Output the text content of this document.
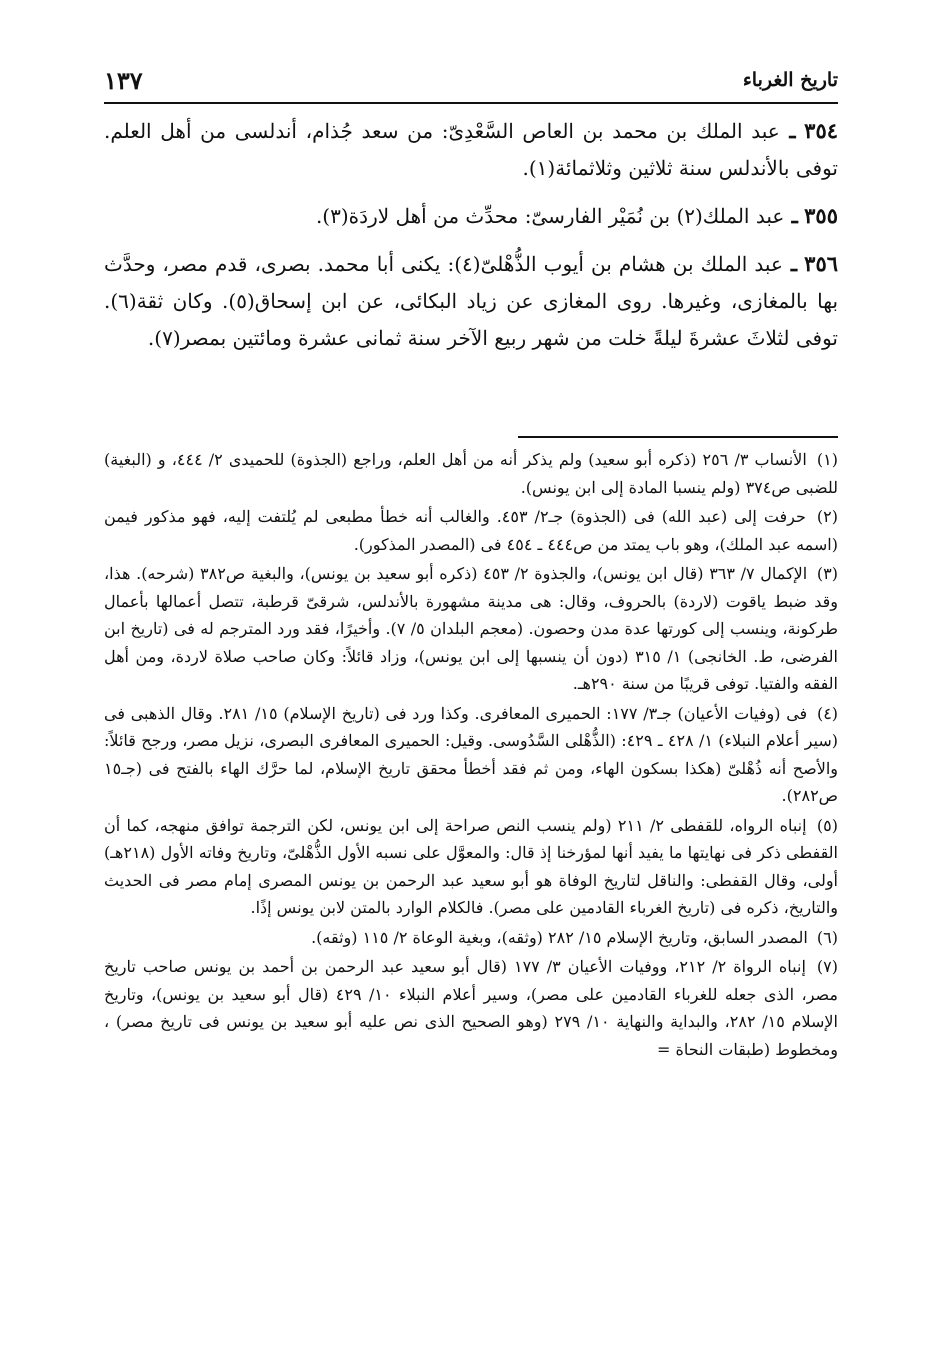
تاريخ الغرباء
١٣٧

٣٥٤ ـ عبد الملك بن محمد بن العاص السَّعْدِىّ: من سعد جُذام، أندلسى من أهل العلم. توفى بالأندلس سنة ثلاثين وثلاثمائة(١).

٣٥٥ ـ عبد الملك(٢) بن نُمَيْر الفارسىّ: محدِّث من أهل لاردَة(٣).

٣٥٦ ـ عبد الملك بن هشام بن أيوب الذُّهْلىّ(٤): يكنى أبا محمد. بصرى، قدم مصر، وحدَّث بها بالمغازى، وغيرها. روى المغازى عن زياد البكائى، عن ابن إسحاق(٥). وكان ثقة(٦). توفى لثلاثَ عشرةَ ليلةً خلت من شهر ربيع الآخر سنة ثمانى عشرة ومائتين بمصر(٧).

(١) الأنساب ٣/ ٢٥٦ (ذكره أبو سعيد) ولم يذكر أنه من أهل العلم، وراجع (الجذوة) للحميدى ٢/ ٤٤٤، و (البغية) للضبى ص٣٧٤ (ولم ينسبا المادة إلى ابن يونس).

(٢) حرفت إلى (عبد الله) فى (الجذوة) جـ٢/ ٤٥٣. والغالب أنه خطأ مطبعى لم يُلتفت إليه، فهو مذكور فيمن (اسمه عبد الملك)، وهو باب يمتد من ص٤٤٤ ـ ٤٥٤ فى (المصدر المذكور).

(٣) الإكمال ٧/ ٣٦٣ (قال ابن يونس)، والجذوة ٢/ ٤٥٣ (ذكره أبو سعيد بن يونس)، والبغية ص٣٨٢ (شرحه). هذا، وقد ضبط ياقوت (لاردة) بالحروف، وقال: هى مدينة مشهورة بالأندلس، شرقىّ قرطبة، تتصل أعمالها بأعمال طركونة، وينسب إلى كورتها عدة مدن وحصون. (معجم البلدان ٥/ ٧). وأخيرًا، فقد ورد المترجم له فى (تاريخ ابن الفرضى، ط. الخانجى) ١/ ٣١٥ (دون أن ينسبها إلى ابن يونس)، وزاد قائلاً: وكان صاحب صلاة لاردة، ومن أهل الفقه والفتيا. توفى قريبًا من سنة ٢٩٠هـ.

(٤) فى (وفيات الأعيان) جـ٣/ ١٧٧: الحميرى المعافرى. وكذا ورد فى (تاريخ الإسلام) ١٥/ ٢٨١. وقال الذهبى فى (سير أعلام النبلاء) ١/ ٤٢٨ ـ ٤٢٩: (الذُّهْلى السَّدُوسى. وقيل: الحميرى المعافرى البصرى، نزيل مصر، ورجح قائلاً: والأصح أنه ذُهْلىّ (هكذا بسكون الهاء، ومن ثم فقد أخطأ محقق تاريخ الإسلام، لما حرَّك الهاء بالفتح فى (جـ١٥ ص٢٨٢).

(٥) إنباه الرواه، للقفطى ٢/ ٢١١ (ولم ينسب النص صراحة إلى ابن يونس، لكن الترجمة توافق منهجه، كما أن القفطى ذكر فى نهايتها ما يفيد أنها لمؤرخنا إذ قال: والمعوَّل على نسبه الأول الذُّهْلىّ، وتاريخ وفاته الأول (٢١٨هـ) أولى، وقال القفطى: والناقل لتاريخ الوفاة هو أبو سعيد عبد الرحمن بن يونس المصرى إمام مصر فى الحديث والتاريخ، ذكره فى (تاريخ الغرباء القادمين على مصر). فالكلام الوارد بالمتن لابن يونس إذًا.

(٦) المصدر السابق، وتاريخ الإسلام ١٥/ ٢٨٢ (وثقه)، وبغية الوعاة ٢/ ١١٥ (وثقه).

(٧) إنباه الرواة ٢/ ٢١٢، ووفيات الأعيان ٣/ ١٧٧ (قال أبو سعيد عبد الرحمن بن أحمد بن يونس صاحب تاريخ مصر، الذى جعله للغرباء القادمين على مصر)، وسير أعلام النبلاء ١٠/ ٤٢٩ (قال أبو سعيد بن يونس)، وتاريخ الإسلام ١٥/ ٢٨٢، والبداية والنهاية ١٠/ ٢٧٩ (وهو الصحيح الذى نص عليه أبو سعيد بن يونس فى تاريخ مصر) ، ومخطوط (طبقات النحاة =
